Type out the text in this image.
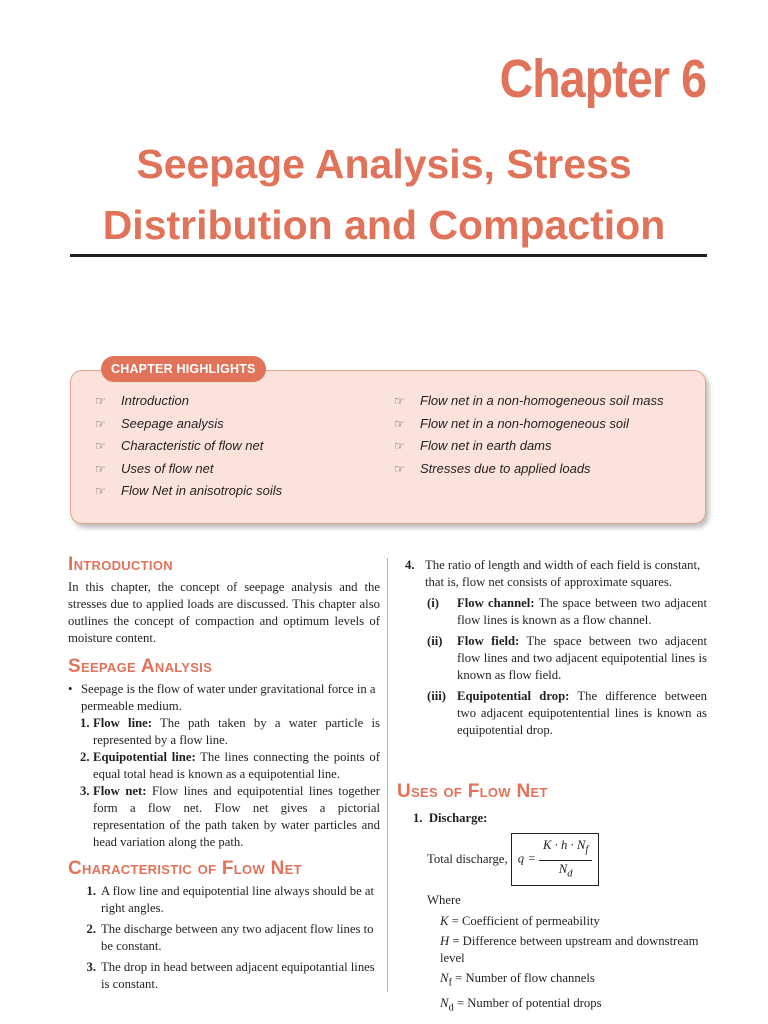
Chapter 6
Seepage Analysis, Stress
Distribution and Compaction
CHAPTER HIGHLIGHTS
☞ Introduction
☞ Seepage analysis
☞ Characteristic of flow net
☞ Uses of flow net
☞ Flow Net in anisotropic soils
☞ Flow net in a non-homogeneous soil mass
☞ Flow net in a non-homogeneous soil
☞ Flow net in earth dams
☞ Stresses due to applied loads
Introduction

In this chapter, the concept of seepage analysis and the stresses due to applied loads are discussed. This chapter also outlines the concept of compaction and optimum levels of moisture content.

Seepage Analysis
• Seepage is the flow of water under gravitational force in a permeable medium.
1. Flow line: The path taken by a water particle is represented by a flow line.
2. Equipotential line: The lines connecting the points of equal total head is known as a equipotential line.
3. Flow net: Flow lines and equipotential lines together form a flow net. Flow net gives a pictorial representation of the path taken by water particles and head variation along the path.
Characteristic of Flow Net
1. A flow line and equipotential line always should be at right angles.
2. The discharge between any two adjacent flow lines to be constant.
3. The drop in head between adjacent equipotantial lines is constant.
4. The ratio of length and width of each field is constant, that is, flow net consists of approximate squares.
(i)	Flow channel: The space between two adjacent flow lines is known as a flow channel.
(ii)	Flow field: The space between two adjacent flow lines and two adjacent equipotential lines is known as flow field.
(iii) Equipotential drop: The difference between two adjacent equipotentential lines is known as equipotential drop.
Uses of Flow Net
1. Discharge:
Total discharge,
$q = \frac{K \cdot h \cdot N_f}{N_d}$
Where
K = Coefficient of permeability
H = Difference between upstream and downstream level
$N_f$ = Number of flow channels
$N_d$ = Number of potential drops
